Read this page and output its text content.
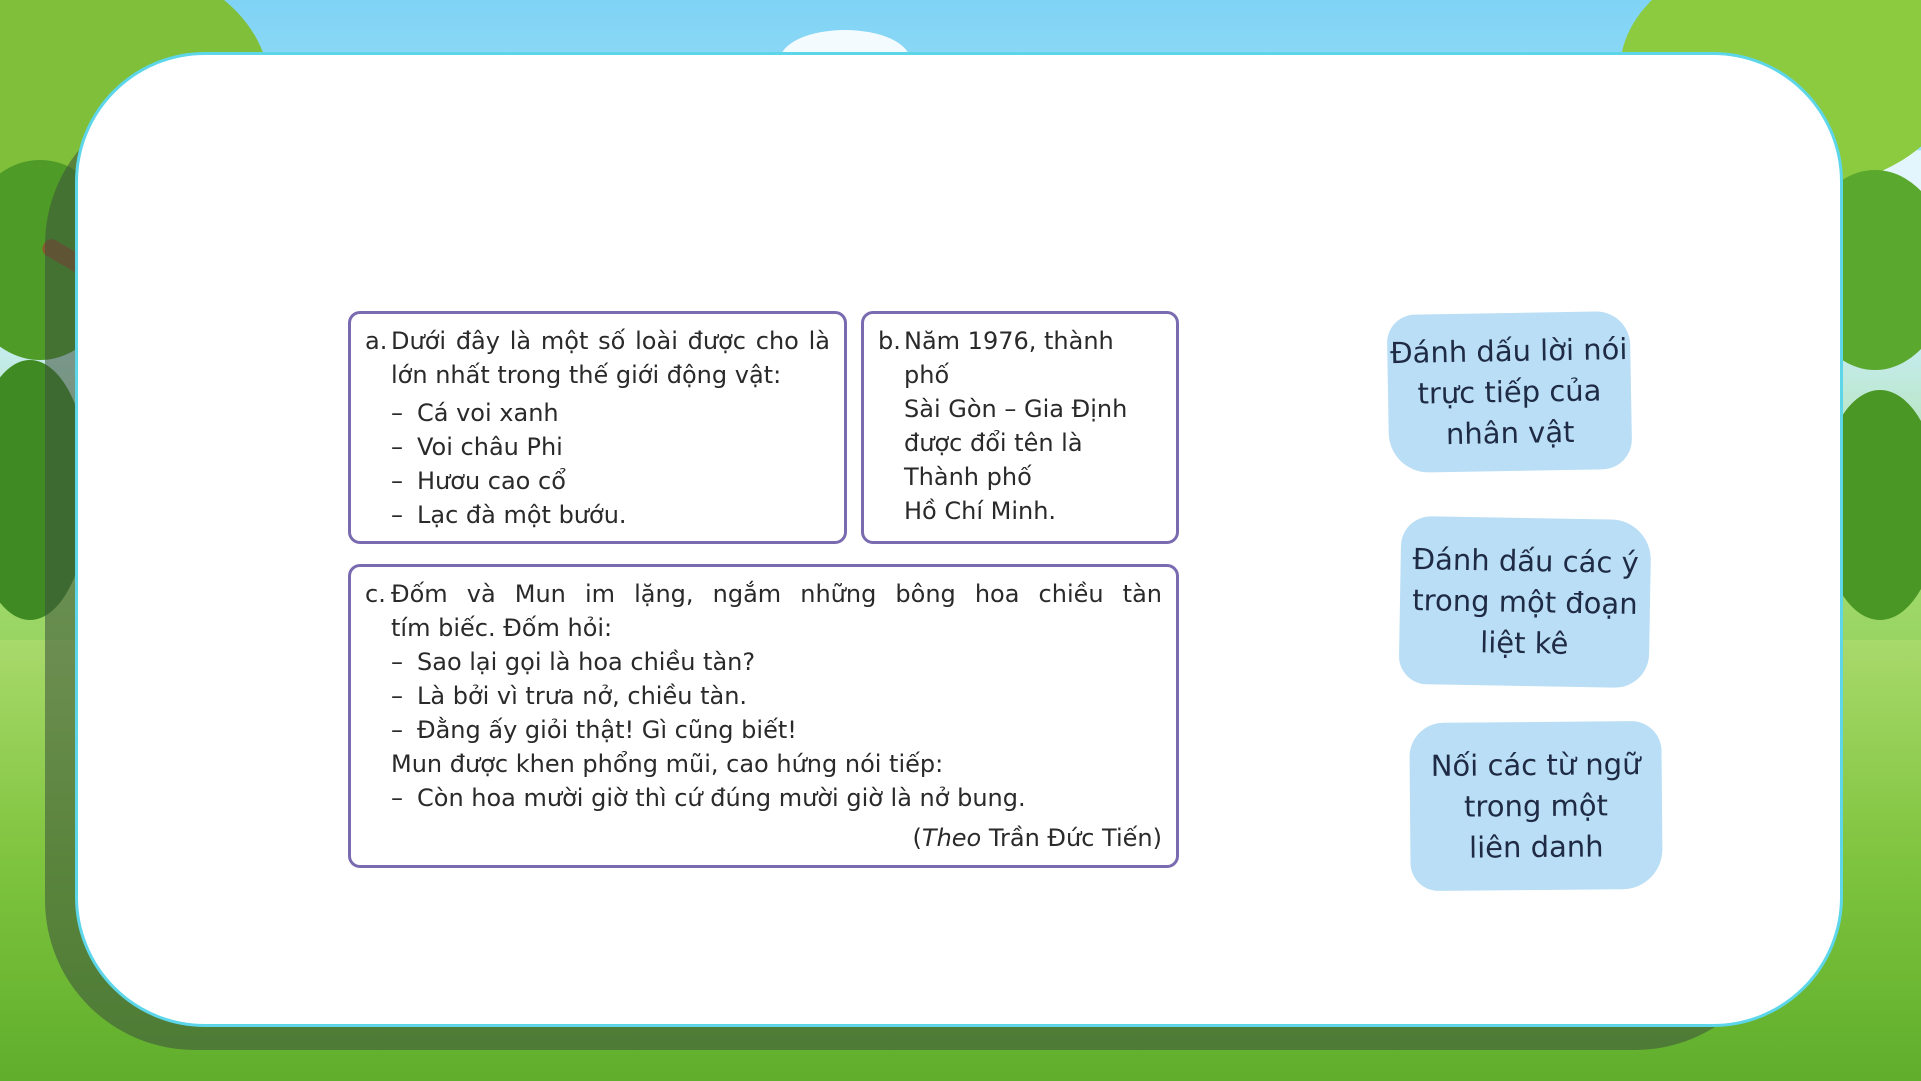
a. Dưới đây là một số loài được cho là
lớn nhất trong thế giới động vật:
– Cá voi xanh
– Voi châu Phi
– Hươu cao cổ
– Lạc đà một bướu.
b. Năm 1976, thành phố
Sài Gòn – Gia Định
được đổi tên là
Thành phố
Hồ Chí Minh.
c. Đốm và Mun im lặng, ngắm những bông hoa chiều tàn
tím biếc. Đốm hỏi:
– Sao lại gọi là hoa chiều tàn?
– Là bởi vì trưa nở, chiều tàn.
– Đằng ấy giỏi thật! Gì cũng biết!
Mun được khen phổng mũi, cao hứng nói tiếp:
– Còn hoa mười giờ thì cứ đúng mười giờ là nở bung.
(Theo Trần Đức Tiến)
Đánh dấu lời nói
trực tiếp của
nhân vật
Đánh dấu các ý
trong một đoạn
liệt kê
Nối các từ ngữ
trong một
liên danh
